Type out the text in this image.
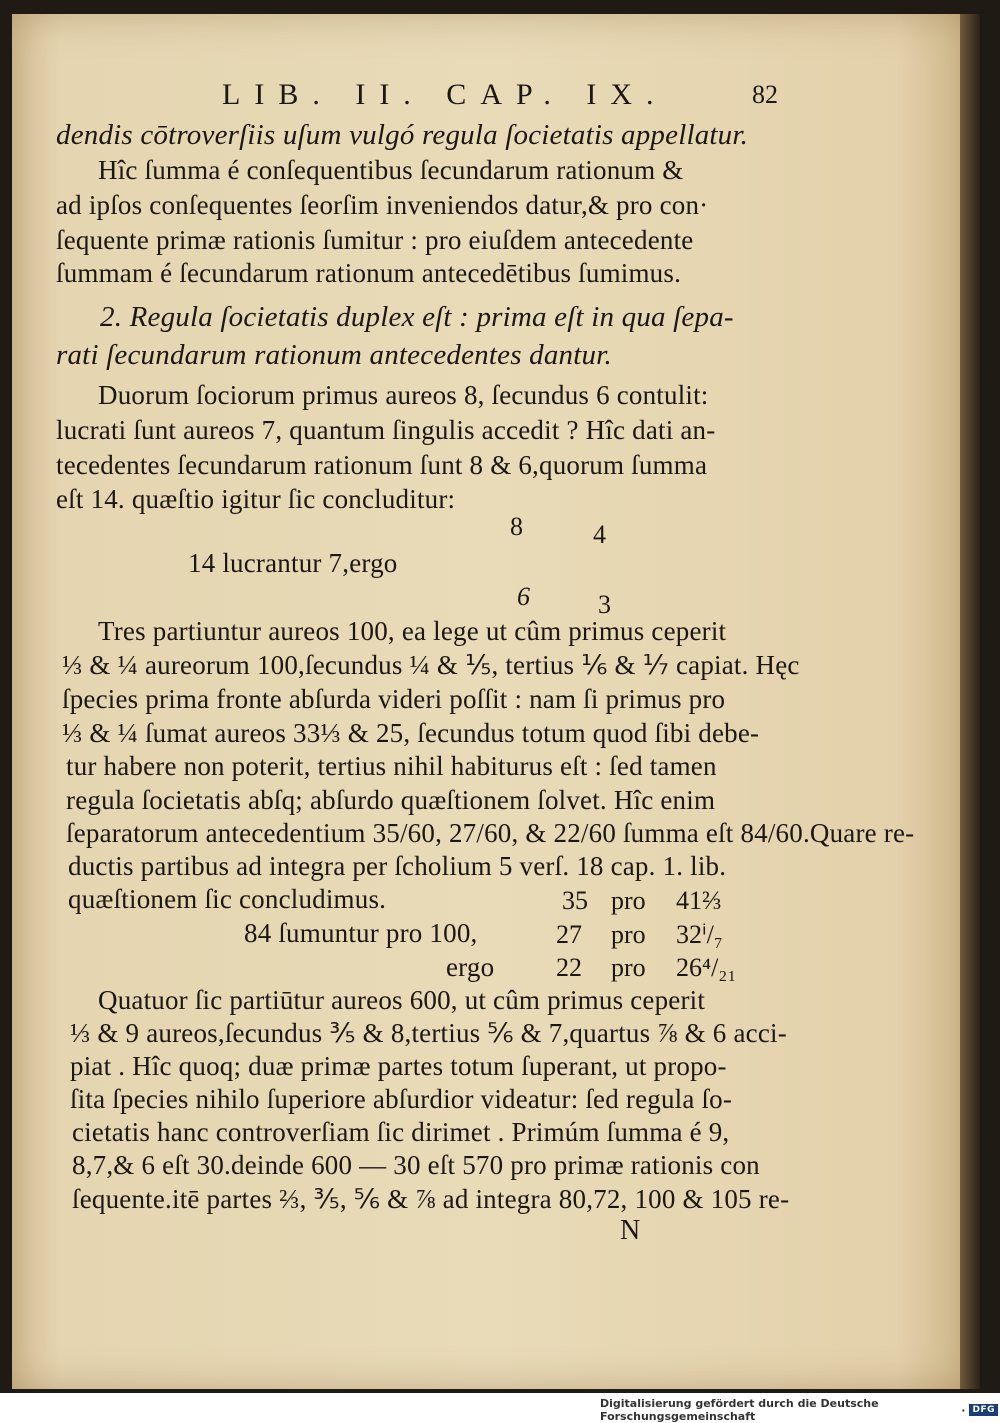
LIB. II. CAP. IX.	82
dendis cōtroverſiis uſum vulgó regula ſocietatis appellatur.
Hîc ſumma é conſequentibus ſecundarum rationum &
ad ipſos conſequentes ſeorſim inveniendos datur,& pro con·
ſequente primæ rationis ſumitur : pro eiuſdem antecedente
ſummam é ſecundarum rationum antecedētibus ſumimus.
2. Regula ſocietatis duplex eſt : prima eſt in qua ſepa-
rati ſecundarum rationum antecedentes dantur.
Duorum ſociorum primus aureos 8, ſecundus 6 contulit:
lucrati ſunt aureos 7, quantum ſingulis accedit ? Hîc dati an-
tecedentes ſecundarum rationum ſunt 8 & 6,quorum ſumma
eſt 14. quæſtio igitur ſic concluditur:
8	4
14 lucrantur 7,ergo
6	3
Tres partiuntur aureos 100, ea lege ut cûm primus ceperit
⅓ & ¼ aureorum 100,ſecundus ¼ & ⅕, tertius ⅙ & ⅐ capiat. Hęc
ſpecies prima fronte abſurda videri poſſit : nam ſi primus pro
⅓ & ¼ ſumat aureos 33⅓ & 25, ſecundus totum quod ſibi debe-
tur habere non poterit, tertius nihil habiturus eſt : ſed tamen
regula ſocietatis abſq; abſurdo quæſtionem ſolvet. Hîc enim
ſeparatorum antecedentium 35/60, 27/60, & 22/60 ſumma eſt 84/60.Quare re-
ductis partibus ad integra per ſcholium 5 verſ. 18 cap. 1. lib.
quæſtionem ſic concludimus.	35 pro 41⅔
84 ſumuntur pro 100,	27 pro 32ⁱ/₇
ergo 22 pro 26⁴/₂₁
Quatuor ſic partiūtur aureos 600, ut cûm primus ceperit
⅓ & 9 aureos,ſecundus ⅗ & 8,tertius ⅚ & 7,quartus ⅞ & 6 acci-
piat . Hîc quoq; duæ primæ partes totum ſuperant, ut propo-
ſita ſpecies nihilo ſuperiore abſurdior videatur: ſed regula ſo-
cietatis hanc controverſiam ſic dirimet . Primúm ſumma é 9,
8,7,& 6 eſt 30.deinde 600 — 30 eſt 570 pro primæ rationis con
ſequente.itē partes ⅔, ⅗, ⅚ & ⅞ ad integra 80,72, 100 & 105 re-
N
Digitalisierung gefördert durch die Deutsche Forschungsgemeinschaft	· DFG
